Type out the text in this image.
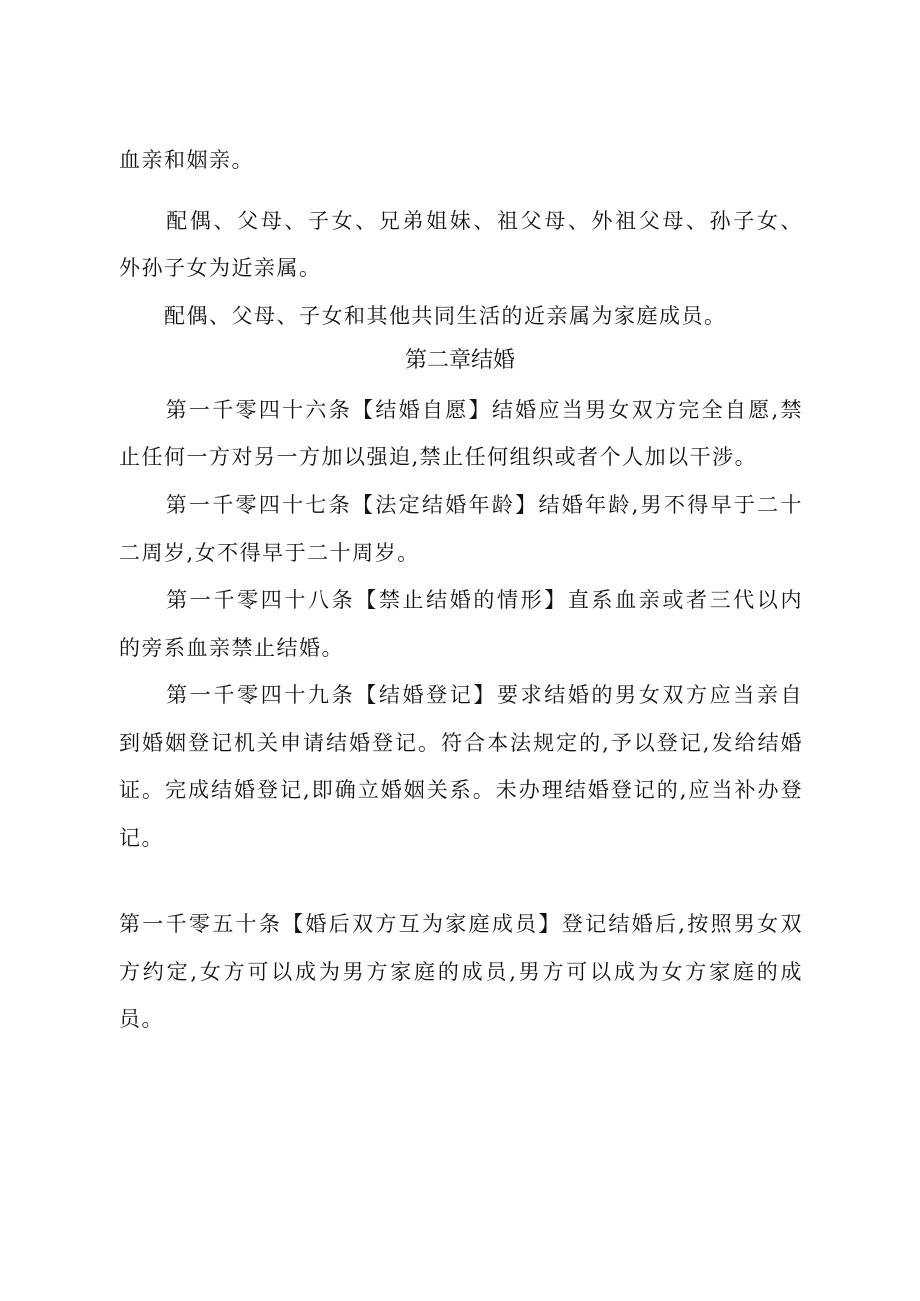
血亲和姻亲。
　　配偶、父母、子女、兄弟姐妹、祖父母、外祖父母、孙子女、
外孙子女为近亲属。
　　配偶、父母、子女和其他共同生活的近亲属为家庭成员。
第二章结婚
　　第一千零四十六条【结婚自愿】结婚应当男女双方完全自愿,禁
止任何一方对另一方加以强迫,禁止任何组织或者个人加以干涉。
　　第一千零四十七条【法定结婚年龄】结婚年龄,男不得早于二十
二周岁,女不得早于二十周岁。
　　第一千零四十八条【禁止结婚的情形】直系血亲或者三代以内
的旁系血亲禁止结婚。
　　第一千零四十九条【结婚登记】要求结婚的男女双方应当亲自
到婚姻登记机关申请结婚登记。符合本法规定的,予以登记,发给结婚
证。完成结婚登记,即确立婚姻关系。未办理结婚登记的,应当补办登
记。
第一千零五十条【婚后双方互为家庭成员】登记结婚后,按照男女双
方约定,女方可以成为男方家庭的成员,男方可以成为女方家庭的成
员。
